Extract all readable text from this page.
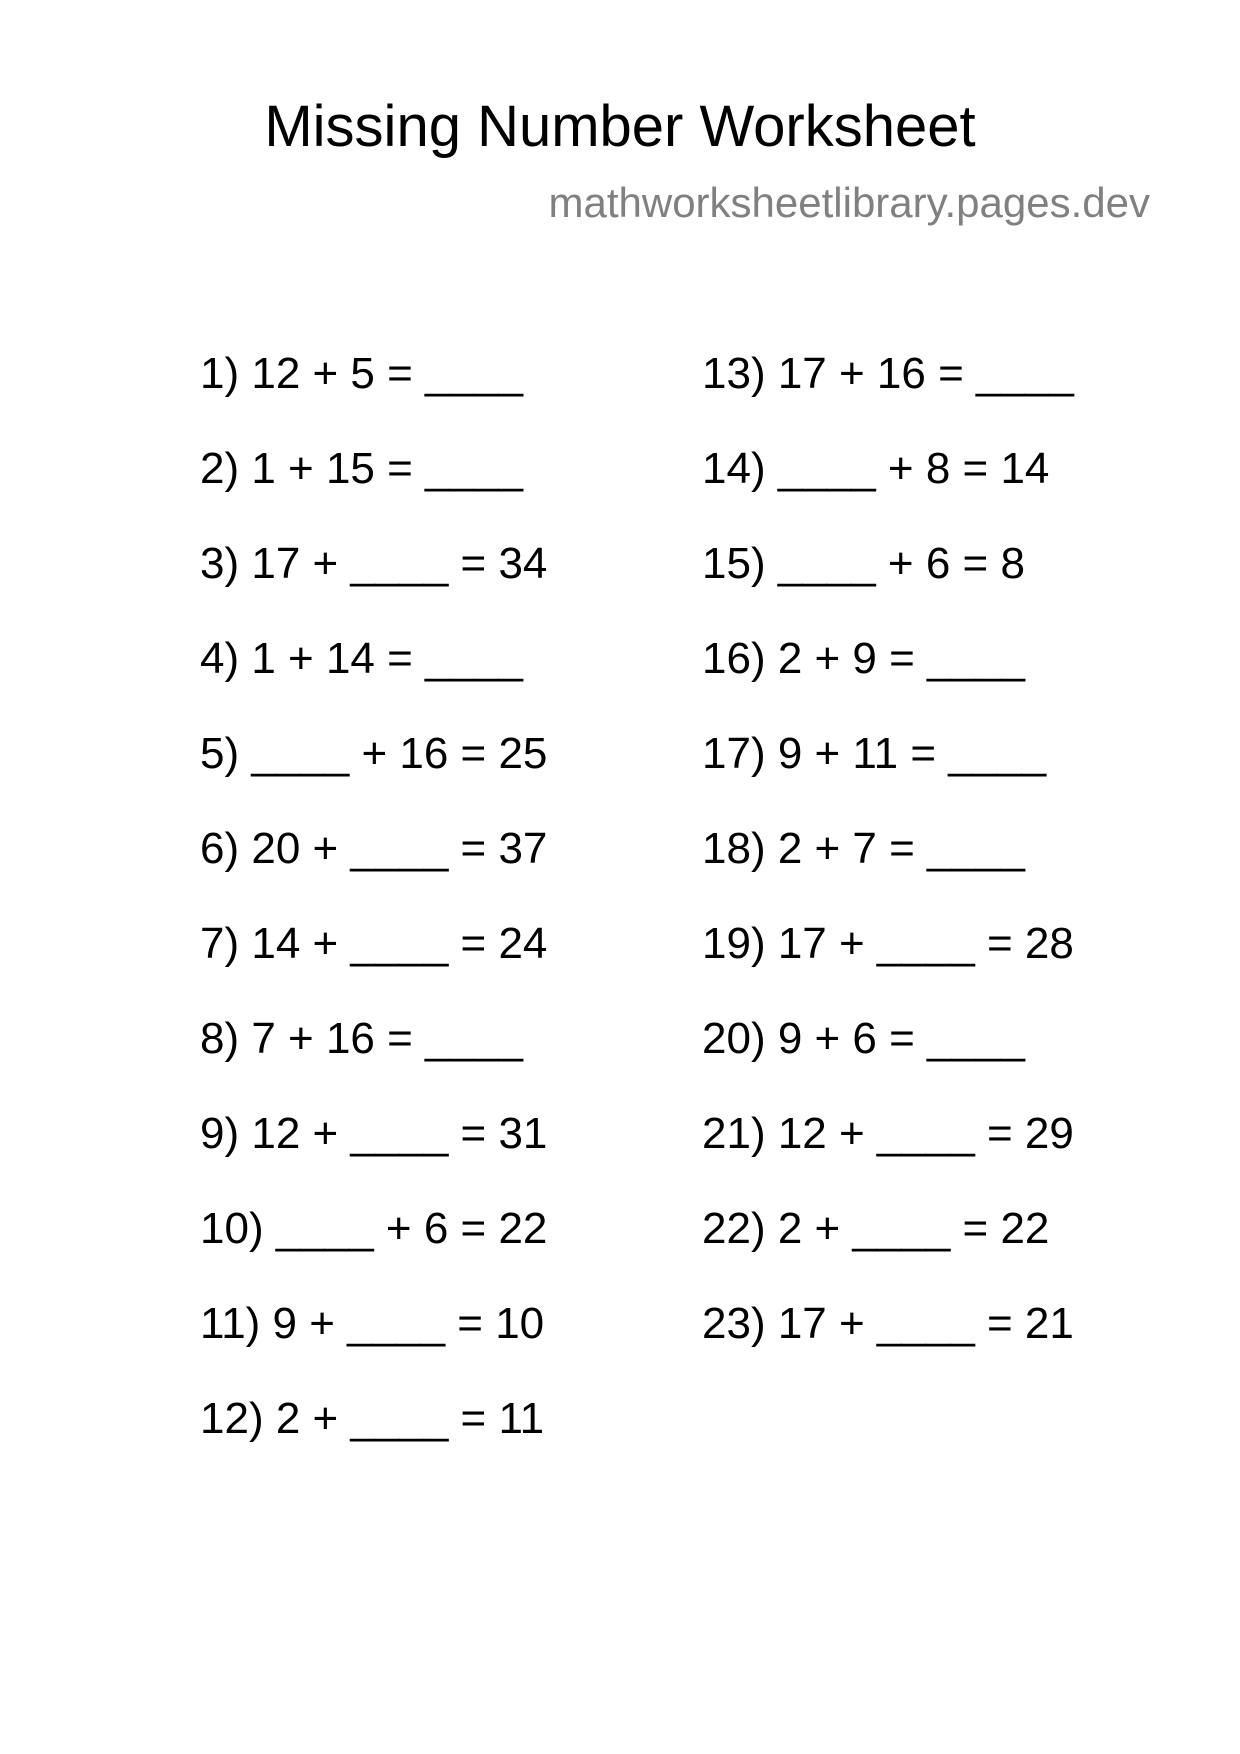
Missing Number Worksheet
mathworksheetlibrary.pages.dev
1) 12 + 5 = ____
2) 1 + 15 = ____
3) 17 + ____ = 34
4) 1 + 14 = ____
5) ____ + 16 = 25
6) 20 + ____ = 37
7) 14 + ____ = 24
8) 7 + 16 = ____
9) 12 + ____ = 31
10) ____ + 6 = 22
11) 9 + ____ = 10
12) 2 + ____ = 11
13) 17 + 16 = ____
14) ____ + 8 = 14
15) ____ + 6 = 8
16) 2 + 9 = ____
17) 9 + 11 = ____
18) 2 + 7 = ____
19) 17 + ____ = 28
20) 9 + 6 = ____
21) 12 + ____ = 29
22) 2 + ____ = 22
23) 17 + ____ = 21
